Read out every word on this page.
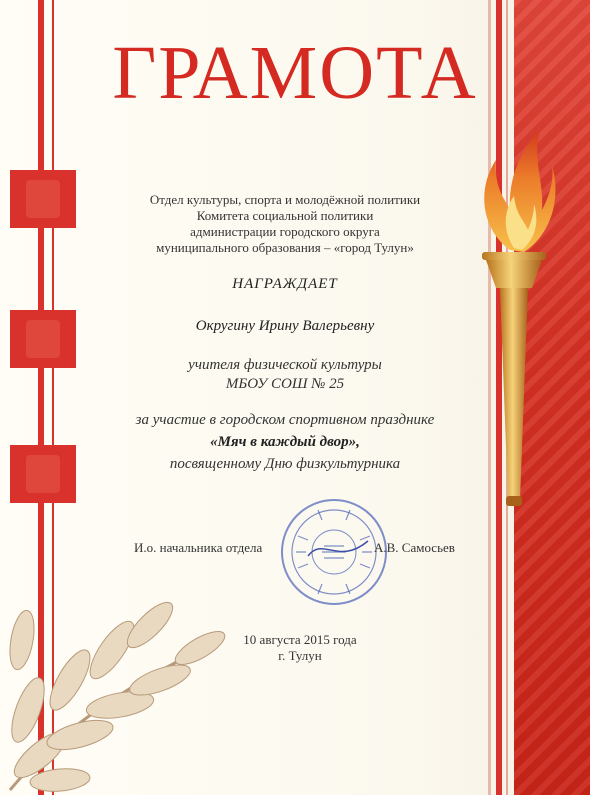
ГРАМОТА
Отдел культуры, спорта и молодёжной политики
Комитета социальной политики
администрации городского округа
муниципального образования – «город Тулун»
НАГРАЖДАЕТ
Округину Ирину Валерьевну
учителя физической культуры
МБОУ СОШ № 25
за участие в городском спортивном празднике
«Мяч в каждый двор»,
посвященному Дню физкультурника
И.о. начальника отдела	А.В. Самосьев
10 августа 2015 года
г. Тулун
